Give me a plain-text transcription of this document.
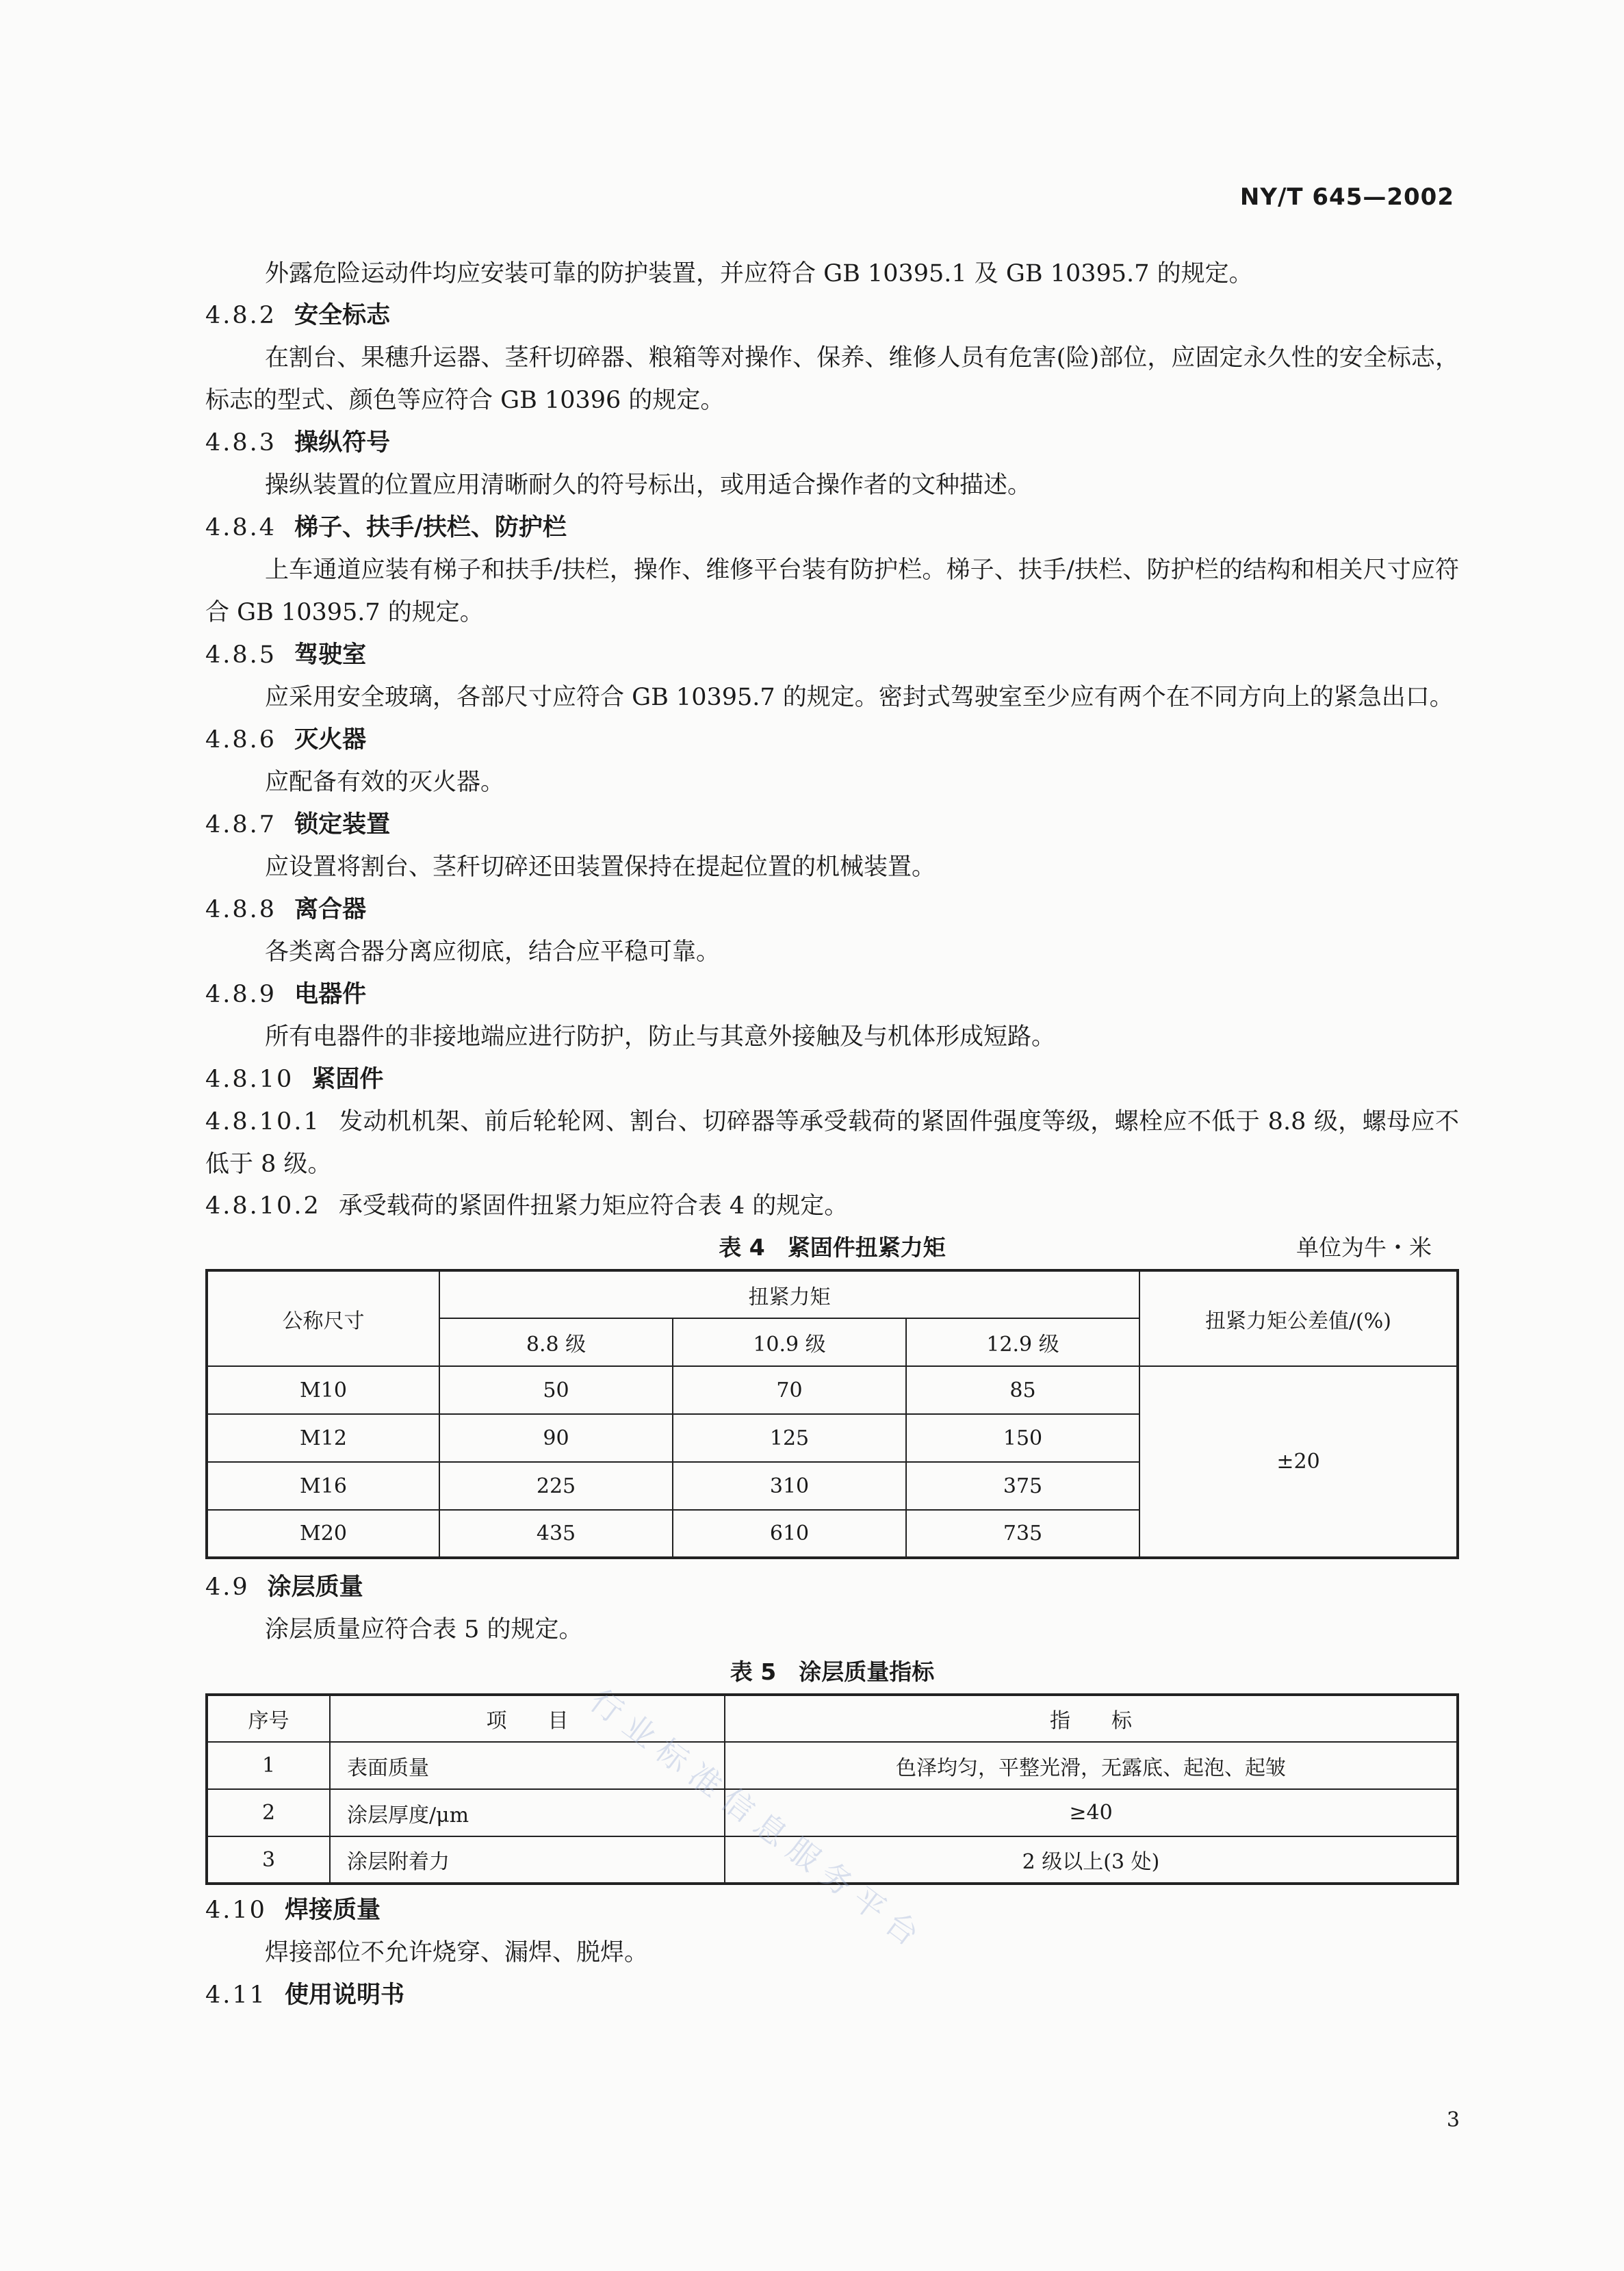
NY/T 645—2002
外露危险运动件均应安装可靠的防护装置，并应符合 GB 10395.1 及 GB 10395.7 的规定。
4.8.2 安全标志
在割台、果穗升运器、茎秆切碎器、粮箱等对操作、保养、维修人员有危害(险)部位，应固定永久性的安全标志，标志的型式、颜色等应符合 GB 10396 的规定。
4.8.3 操纵符号
操纵装置的位置应用清晰耐久的符号标出，或用适合操作者的文种描述。
4.8.4 梯子、扶手/扶栏、防护栏
上车通道应装有梯子和扶手/扶栏，操作、维修平台装有防护栏。梯子、扶手/扶栏、防护栏的结构和相关尺寸应符合 GB 10395.7 的规定。
4.8.5 驾驶室
应采用安全玻璃，各部尺寸应符合 GB 10395.7 的规定。密封式驾驶室至少应有两个在不同方向上的紧急出口。
4.8.6 灭火器
应配备有效的灭火器。
4.8.7 锁定装置
应设置将割台、茎秆切碎还田装置保持在提起位置的机械装置。
4.8.8 离合器
各类离合器分离应彻底，结合应平稳可靠。
4.8.9 电器件
所有电器件的非接地端应进行防护，防止与其意外接触及与机体形成短路。
4.8.10 紧固件
4.8.10.1 发动机机架、前后轮轮网、割台、切碎器等承受载荷的紧固件强度等级，螺栓应不低于 8.8 级，螺母应不低于 8 级。
4.8.10.2 承受载荷的紧固件扭紧力矩应符合表 4 的规定。
表 4　紧固件扭紧力矩	单位为牛・米
公称尺寸	扭紧力矩			扭紧力矩公差值/(%)
	8.8 级	10.9 级	12.9 级	
M10	50	70	85	±20
M12	90	125	150	
M16	225	310	375	
M20	435	610	735	
4.9 涂层质量
涂层质量应符合表 5 的规定。
表 5　涂层质量指标
序号	项　　目	指　　标
1	表面质量	色泽均匀，平整光滑，无露底、起泡、起皱
2	涂层厚度/μm	≥40
3	涂层附着力	2 级以上(3 处)
4.10 焊接质量
焊接部位不允许烧穿、漏焊、脱焊。
4.11 使用说明书
行业标准信息服务平台
3
